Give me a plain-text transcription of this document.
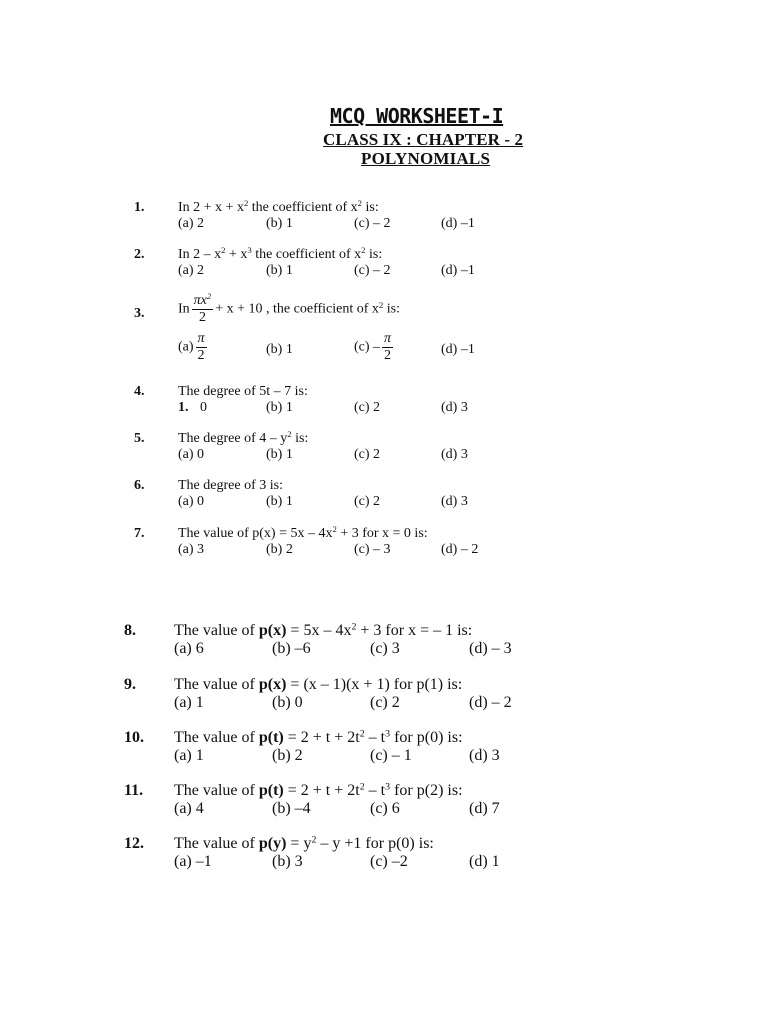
MCQ WORKSHEET-I
CLASS IX : CHAPTER - 2
POLYNOMIALS
1. In $2 + x + x^2$ the coefficient of $x^2$ is:
(a) 2	(b) 1	(c) – 2	(d) –1
2. In $2 - x^2 + x^3$ the coefficient of $x^2$ is:
(a) 2	(b) 1	(c) – 2	(d) –1
3. In $\frac{\pi x^2}{2} + x + 10$ , the coefficient of $x^2$ is:
$(a) \frac{\pi}{2}$	(b) 1	$(c) - \frac{\pi}{2}$	(d) –1
4. The degree of 5t – 7 is:
1. 0	(b) 1	(c) 2	(d) 3
5. The degree of $4 - y^2$ is:
(a) 0	(b) 1	(c) 2	(d) 3
6. The degree of 3 is:
(a) 0	(b) 1	(c) 2	(d) 3
7. The value of $p(x) = 5x - 4x^2 + 3$ for x = 0 is:
(a) 3	(b) 2	(c) – 3	(d) – 2
8. The value of $p(x) = 5x - 4x^2 + 3$ for x = – 1 is:
(a) 6	(b) –6	(c) 3	(d) – 3
9. The value of p(x) = (x – 1)(x + 1) for p(1) is:
(a) 1	(b) 0	(c) 2	(d) – 2
10. The value of $p(t) = 2 + t + 2t^2 - t^3$ for p(0) is:
(a) 1	(b) 2	(c) – 1	(d) 3
11. The value of $p(t) = 2 + t + 2t^2 - t^3$ for p(2) is:
(a) 4	(b) –4	(c) 6	(d) 7
12. The value of $p(y) = y^2 - y +1$ for p(0) is:
(a) –1	(b) 3	(c) –2	(d) 1
